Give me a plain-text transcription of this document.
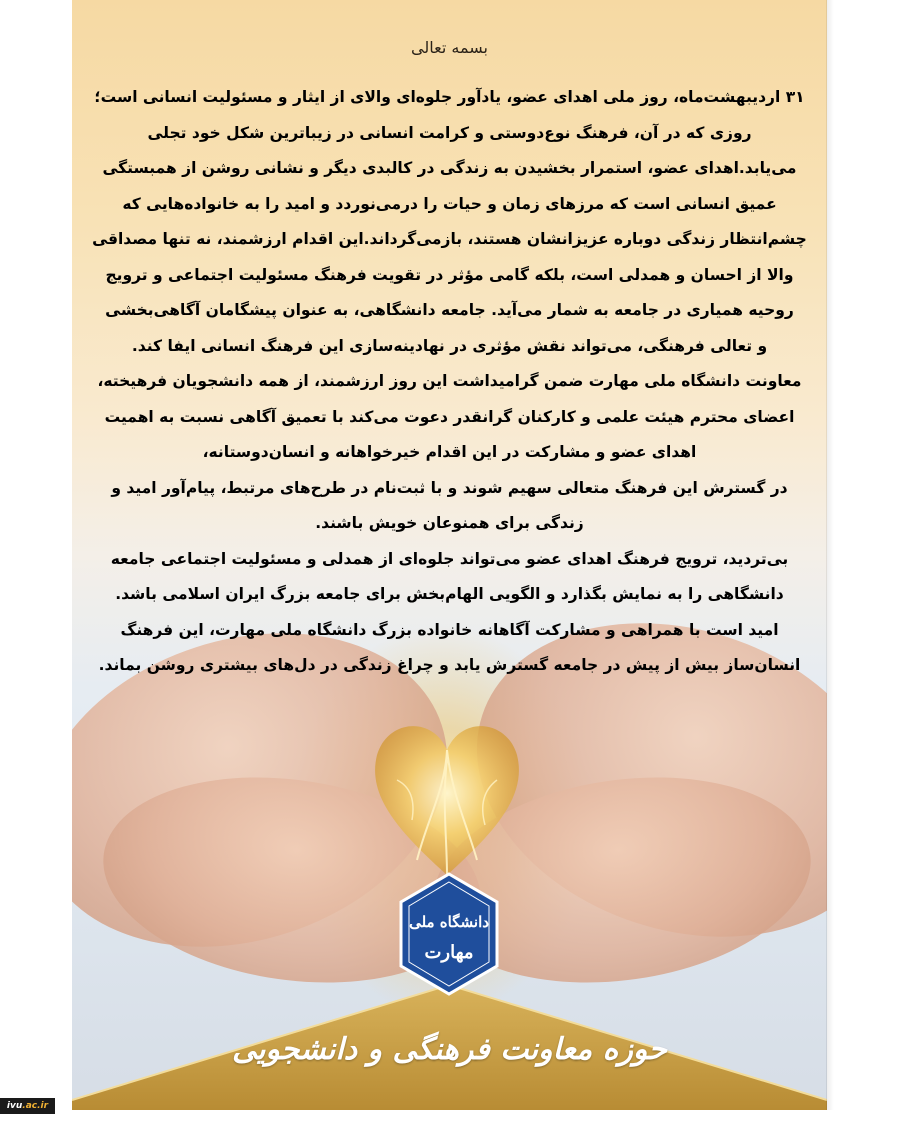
بسمه تعالی

۳۱ اردیبهشت‌ماه، روز ملی اهدای عضو، یادآور جلوه‌ای والای از ایثار و مسئولیت انسانی است؛

روزی که در آن، فرهنگ نوع‌دوستی و کرامت انسانی در زیباترین شکل خود تجلی

می‌یابد.اهدای عضو، استمرار بخشیدن به زندگی در کالبدی دیگر و نشانی روشن از همبستگی

عمیق انسانی است که مرزهای زمان و حیات را درمی‌نوردد و امید را به خانواده‌هایی که

چشم‌انتظار زندگی دوباره عزیزانشان هستند، بازمی‌گرداند.این اقدام ارزشمند، نه تنها مصداقی

والا از احسان و همدلی است، بلکه گامی مؤثر در تقویت فرهنگ مسئولیت اجتماعی و ترویج

روحیه همیاری در جامعه به شمار می‌آید. جامعه دانشگاهی، به عنوان پیشگامان آگاهی‌بخشی

و تعالی فرهنگی، می‌تواند نقش مؤثری در نهادینه‌سازی این فرهنگ انسانی ایفا کند.

معاونت دانشگاه ملی مهارت ضمن گرامیداشت این روز ارزشمند، از همه دانشجویان فرهیخته،

اعضای محترم هیئت علمی و کارکنان گرانقدر دعوت می‌کند با تعمیق آگاهی نسبت به اهمیت

اهدای عضو و مشارکت در این اقدام خیرخواهانه و انسان‌دوستانه،

در گسترش این فرهنگ متعالی سهیم شوند و با ثبت‌نام در طرح‌های مرتبط، پیام‌آور امید و

زندگی برای همنوعان خویش باشند.

بی‌تردید، ترویج فرهنگ اهدای عضو می‌تواند جلوه‌ای از همدلی و مسئولیت اجتماعی جامعه

دانشگاهی را به نمایش بگذارد و الگویی الهام‌بخش برای جامعه بزرگ ایران اسلامی باشد.

امید است با همراهی و مشارکت آگاهانه خانواده بزرگ دانشگاه ملی مهارت، این فرهنگ

انسان‌ساز بیش از پیش در جامعه گسترش یابد و چراغ زندگی در دل‌های بیشتری روشن بماند.

حوزه معاونت فرهنگی و دانشجویی
دانشگاه ملی
مهارت
ivu.ac.ir
